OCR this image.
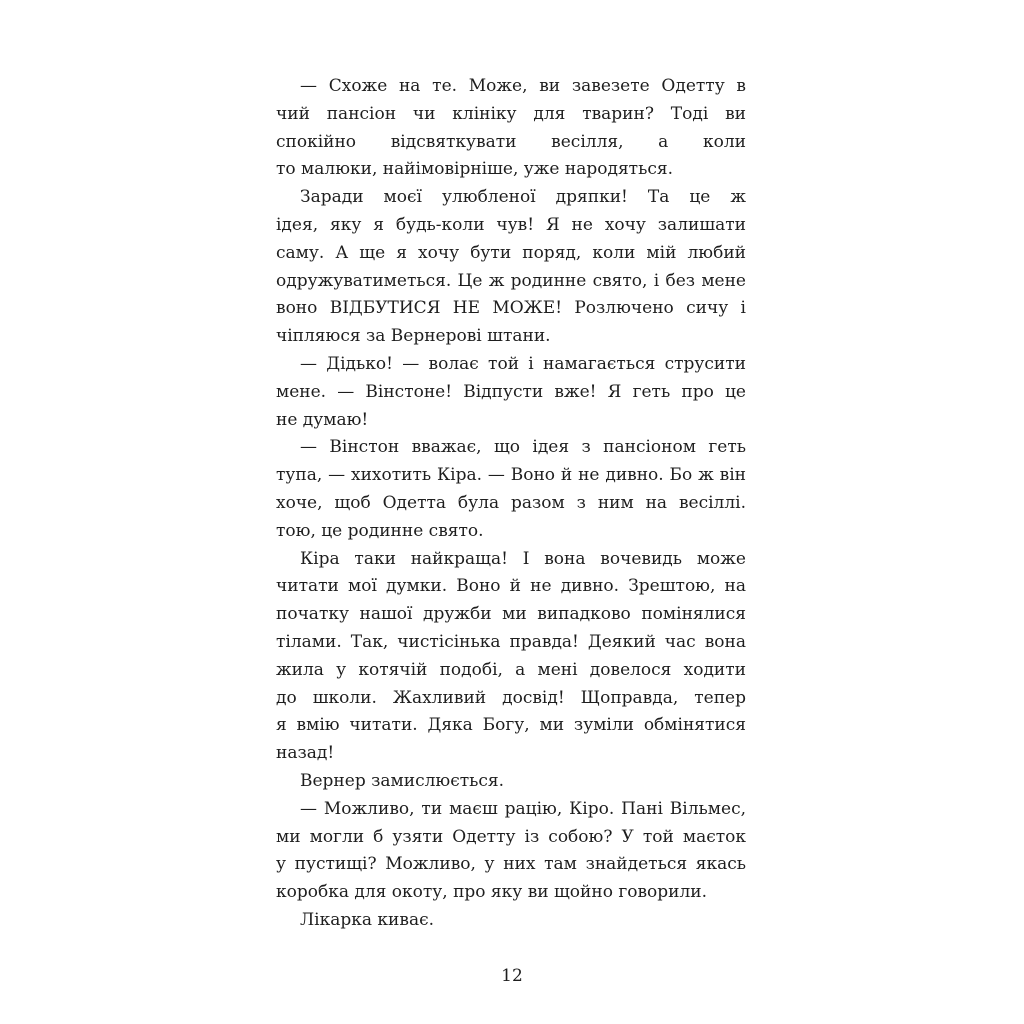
— Схоже на те. Може, ви завезете Одетту в
чий пансіон чи клініку для тварин? Тоді ви
спокійно відсвяткувати весілля, а коли
то малюки, найімовірніше, уже народяться.
Заради моєї улюбленої дряпки! Та це ж
ідея, яку я будь-коли чув! Я не хочу залишати
саму. А ще я хочу бути поряд, коли мій любий
одружуватиметься. Це ж родинне свято, і без мене
воно ВІДБУТИСЯ НЕ МОЖЕ! Розлючено сичу і
чіпляюся за Вернерові штани.
— Дідько! — волає той і намагається струсити
мене. — Вінстоне! Відпусти вже! Я геть про це
не думаю!
— Вінстон вважає, що ідея з пансіоном геть
тупа, — хихотить Кіра. — Воно й не дивно. Бо ж він
хоче, щоб Одетта була разом з ним на весіллі.
тою, це родинне свято.
Кіра таки найкраща! І вона вочевидь може
читати мої думки. Воно й не дивно. Зрештою, на
початку нашої дружби ми випадково помінялися
тілами. Так, чистісінька правда! Деякий час вона
жила у котячій подобі, а мені довелося ходити
до школи. Жахливий досвід! Щоправда, тепер
я вмію читати. Дяка Богу, ми зуміли обмінятися
назад!
Вернер замислюється.
— Можливо, ти маєш рацію, Кіро. Пані Вільмес,
ми могли б узяти Одетту із собою? У той маєток
у пустищі? Можливо, у них там знайдеться якась
коробка для окоту, про яку ви щойно говорили.
Лікарка киває.
12
